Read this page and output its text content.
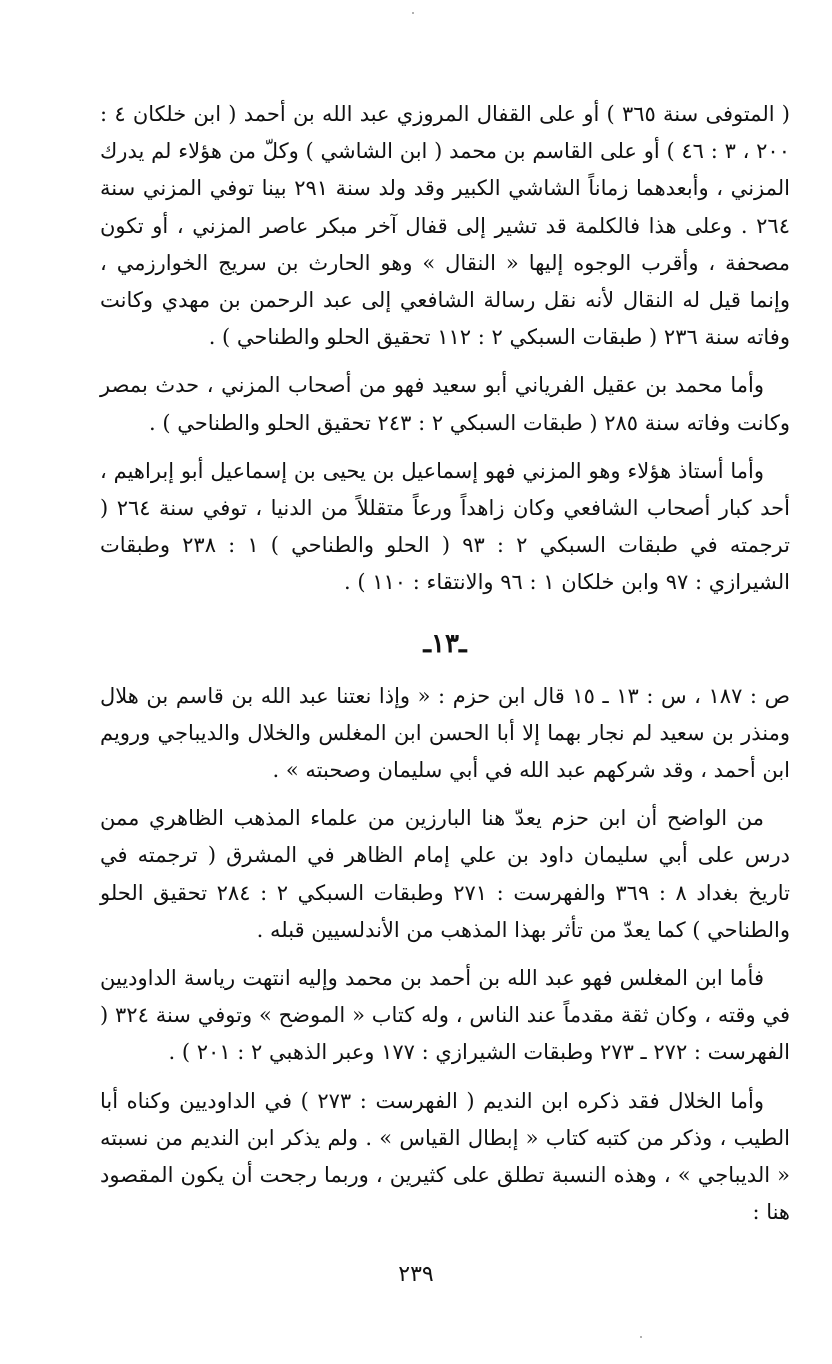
( المتوفى سنة ٣٦٥ ) أو على القفال المروزي عبد الله بن أحمد ( ابن خلكان ٤ : ٢٠٠ ، ٣ : ٤٦ ) أو على القاسم بن محمد ( ابن الشاشي ) وكلّ من هؤلاء لم يدرك المزني ، وأبعدهما زماناً الشاشي الكبير وقد ولد سنة ٢٩١ بينا توفي المزني سنة ٢٦٤ . وعلى هذا فالكلمة قد تشير إلى قفال آخر مبكر عاصر المزني ، أو تكون مصحفة ، وأقرب الوجوه إليها « النقال » وهو الحارث بن سريج الخوارزمي ، وإنما قيل له النقال لأنه نقل رسالة الشافعي إلى عبد الرحمن بن مهدي وكانت وفاته سنة ٢٣٦ ( طبقات السبكي ٢ : ١١٢ تحقيق الحلو والطناحي ) .

وأما محمد بن عقيل الفرياني أبو سعيد فهو من أصحاب المزني ، حدث بمصر وكانت وفاته سنة ٢٨٥ ( طبقات السبكي ٢ : ٢٤٣ تحقيق الحلو والطناحي ) .

وأما أستاذ هؤلاء وهو المزني فهو إسماعيل بن يحيى بن إسماعيل أبو إبراهيم ، أحد كبار أصحاب الشافعي وكان زاهداً ورعاً متقللاً من الدنيا ، توفي سنة ٢٦٤ ( ترجمته في طبقات السبكي ٢ : ٩٣ ( الحلو والطناحي ) ١ : ٢٣٨ وطبقات الشيرازي : ٩٧ وابن خلكان ١ : ٩٦ والانتقاء : ١١٠ ) .

ـ١٣ـ

ص : ١٨٧ ، س : ١٣ ـ ١٥ قال ابن حزم : « وإذا نعتنا عبد الله بن قاسم بن هلال ومنذر بن سعيد لم نجار بهما إلا أبا الحسن ابن المغلس والخلال والديباجي ورويم ابن أحمد ، وقد شركهم عبد الله في أبي سليمان وصحبته » .

من الواضح أن ابن حزم يعدّ هنا البارزين من علماء المذهب الظاهري ممن درس على أبي سليمان داود بن علي إمام الظاهر في المشرق ( ترجمته في تاريخ بغداد ٨ : ٣٦٩ والفهرست : ٢٧١ وطبقات السبكي ٢ : ٢٨٤ تحقيق الحلو والطناحي ) كما يعدّ من تأثر بهذا المذهب من الأندلسيين قبله .

فأما ابن المغلس فهو عبد الله بن أحمد بن محمد وإليه انتهت رياسة الداوديين في وقته ، وكان ثقة مقدماً عند الناس ، وله كتاب « الموضح » وتوفي سنة ٣٢٤ ( الفهرست : ٢٧٢ ـ ٢٧٣ وطبقات الشيرازي : ١٧٧ وعبر الذهبي ٢ : ٢٠١ ) .

وأما الخلال فقد ذكره ابن النديم ( الفهرست : ٢٧٣ ) في الداوديين وكناه أبا الطيب ، وذكر من كتبه كتاب « إبطال القياس » . ولم يذكر ابن النديم من نسبته « الديباجي » ، وهذه النسبة تطلق على كثيرين ، وربما رجحت أن يكون المقصود هنا :

٢٣٩
